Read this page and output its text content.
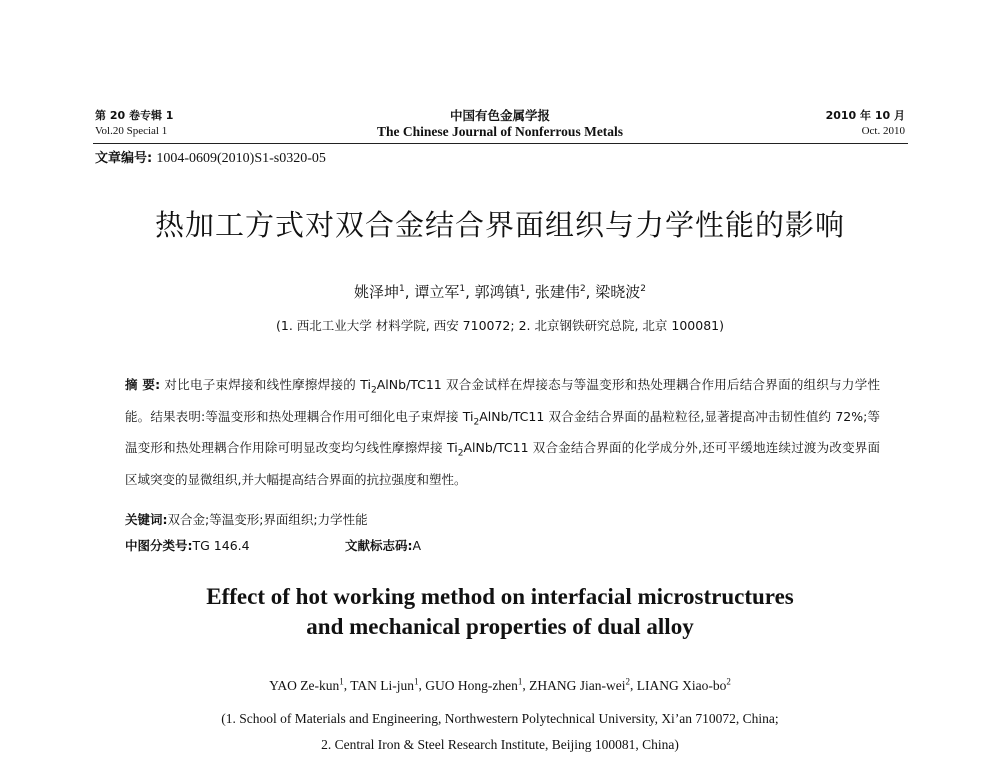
第 20 卷专辑 1
Vol.20 Special 1
中国有色金属学报
The Chinese Journal of Nonferrous Metals
2010 年 10 月
Oct. 2010
文章编号: 1004-0609(2010)S1-s0320-05
热加工方式对双合金结合界面组织与力学性能的影响
姚泽坤$^1$, 谭立军$^1$, 郭鸿镇$^1$, 张建伟$^2$, 梁晓波$^2$
(1. 西北工业大学 材料学院, 西安 710072; 2. 北京钢铁研究总院, 北京 100081)
摘 要: 对比电子束焊接和线性摩擦焊接的 $Ti_2AlNb/TC11$ 双合金试样在焊接态与等温变形和热处理耦合作用后结合界面的组织与力学性能。结果表明:等温变形和热处理耦合作用可细化电子束焊接 $Ti_2AlNb/TC11$ 双合金结合界面的晶粒粒径,显著提高冲击韧性值约 72%;等温变形和热处理耦合作用除可明显改变均匀线性摩擦焊接 $Ti_2AlNb/TC11$ 双合金结合界面的化学成分外,还可平缓地连续过渡为改变界面区域突变的显微组织,并大幅提高结合界面的抗拉强度和塑性。
关键词:双合金;等温变形;界面组织;力学性能
中图分类号:TG 146.4	文献标志码:A
Effect of hot working method on interfacial microstructures
and mechanical properties of dual alloy
YAO Ze-kun$^1$, TAN Li-jun$^1$, GUO Hong-zhen$^1$, ZHANG Jian-wei$^2$, LIANG Xiao-$bo^2$
(1. School of Materials and Engineering, Northwestern Polytechnical University, Xi’an 710072, China;
2. Central Iron & Steel Research Institute, Beijing 100081, China)
